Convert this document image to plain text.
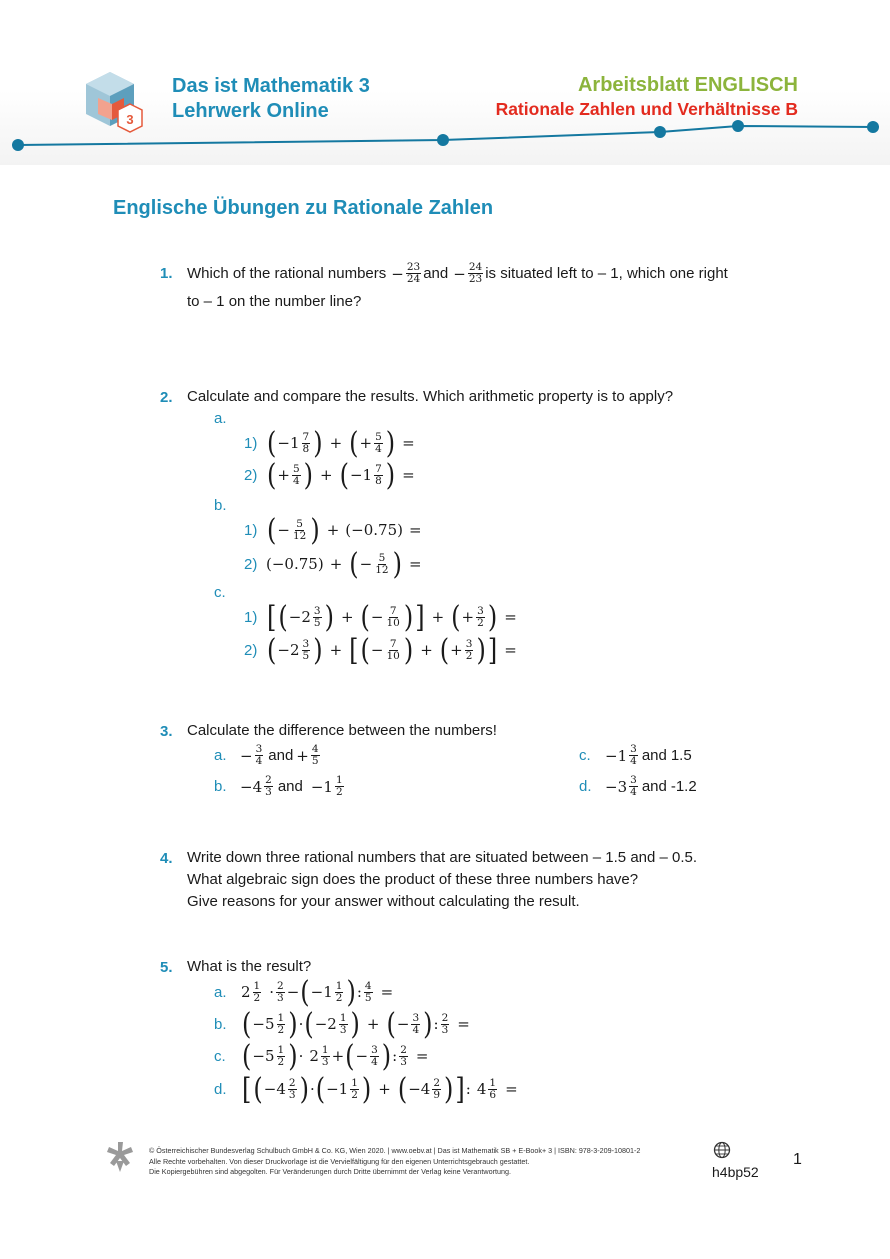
3
Das ist Mathematik 3
Lehrwerk Online
Arbeitsblatt ENGLISCH
Rationale Zahlen und Verhältnisse B
Englische Übungen zu Rationale Zahlen
1. Which of the rational numbers − $\frac{23}{24}$ and − $\frac{24}{23}$ is situated left to – 1, which one right
to – 1 on the number line?
2. Calculate and compare the results. Which arithmetic property is to apply?
a.
1) ( $-1 \frac{7}{8}$ ) + ( + $\frac{5}{4}$ ) =
2) ( + $\frac{5}{4}$ ) + ( $-1 \frac{7}{8}$ ) =
b.
1) ( − $\frac{5}{12}$ ) + ( −0.75 ) =
2) ( −0.75 ) + ( − $\frac{5}{12}$ ) =
c.
1) [ ( $-2 \frac{3}{5}$ ) + ( − $\frac{7}{10}$ ) ] + ( + $\frac{3}{2}$ ) =
2) ( $-2 \frac{3}{5}$ ) + [ ( − $\frac{7}{10}$ ) + ( + $\frac{3}{2}$ ) ] =
3. Calculate the difference between the numbers!
a. − $\frac{3}{4}$ and + $\frac{4}{5}$
b. $-4 \frac{2}{3}$ and $-1 \frac{1}{2}$
c. $-1 \frac{3}{4}$ and 1.5
d. $-3 \frac{3}{4}$ and -1.2
4. Write down three rational numbers that are situated between – 1.5 and – 0.5.
What algebraic sign does the product of these three numbers have?
Give reasons for your answer without calculating the result.
5. What is the result?
a. $2 \frac{1}{2} \cdot \frac{2}{3}$ − ( $-1 \frac{1}{2}$ ) : $\frac{4}{5}$ =
b. ( $-5 \frac{1}{2}$ ) · ( $-2 \frac{1}{3}$ ) + ( − $\frac{3}{4}$ ) : $\frac{2}{3}$ =
c. ( $-5 \frac{1}{2}$ ) · $2 \frac{1}{3}$ + ( − $\frac{3}{4}$ ) : $\frac{2}{3}$ =
d. [ ( $-4 \frac{2}{3}$ ) · ( $-1 \frac{1}{2}$ ) + ( $-4 \frac{2}{9}$ ) ] : $4 \frac{1}{6}$ =
© Österreichischer Bundesverlag Schulbuch GmbH & Co. KG, Wien 2020. | www.oebv.at | Das ist Mathematik SB + E-Book+ 3 | ISBN: 978-3-209-10801-2
Alle Rechte vorbehalten. Von dieser Druckvorlage ist die Vervielfältigung für den eigenen Unterrichtsgebrauch gestattet.
Die Kopiergebühren sind abgegolten. Für Veränderungen durch Dritte übernimmt der Verlag keine Verantwortung.	h4bp52
1
